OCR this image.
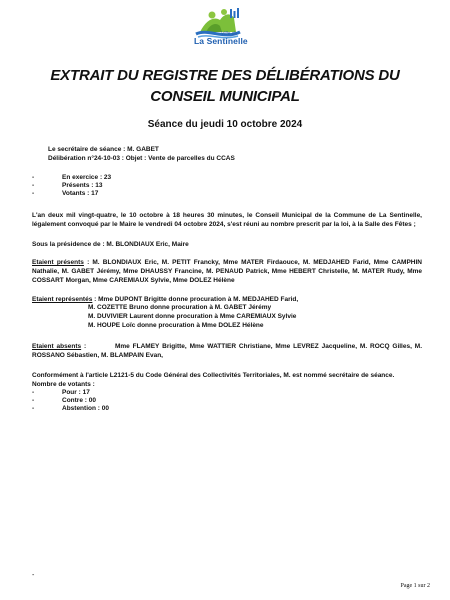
Ville de
La Sentinelle
EXTRAIT DU REGISTRE DES DÉLIBÉRATIONS DU CONSEIL MUNICIPAL
Séance du jeudi 10 octobre 2024
Le secrétaire de séance : M. GABET
Délibération n°24-10-03 : Objet : Vente de parcelles du CCAS
-	En exercice : 23
-	Présents : 13
-	Votants : 17
L'an deux mil vingt-quatre, le 10 octobre à 18 heures 30 minutes, le Conseil Municipal de la Commune de La Sentinelle, légalement convoqué par le Maire le vendredi 04 octobre 2024, s'est réuni au nombre prescrit par la loi, à la Salle des Fêtes ;
Sous la présidence de : M. BLONDIAUX Eric, Maire
Etaient présents : M. BLONDIAUX Eric, M. PETIT Francky, Mme MATER Firdaouce, M. MEDJAHED Farid, Mme CAMPHIN Nathalie, M. GABET Jérémy, Mme DHAUSSY Francine, M. PENAUD Patrick, Mme HEBERT Christelle, M. MATER Rudy, Mme COSSART Morgan, Mme CAREMIAUX Sylvie, Mme DOLEZ Hélène
Etaient représentés : Mme DUPONT Brigitte donne procuration à M. MEDJAHED Farid,
M. COZETTE Bruno donne procuration à M. GABET Jérémy
M. DUVIVIER Laurent donne procuration à Mme CAREMIAUX Sylvie
M. HOUPE Loïc donne procuration à Mme DOLEZ Hélène
Etaient absents :          Mme FLAMEY Brigitte, Mme WATTIER Christiane, Mme LEVREZ Jacqueline, M. ROCQ Gilles, M. ROSSANO Sébastien, M. BLAMPAIN Evan,
Conformément à l'article L2121-5 du Code Général des Collectivités Territoriales, M. est nommé secrétaire de séance.
Nombre de votants :
-	Pour : 17
-	Contre : 00
-	Abstention : 00
-
Page 1 sur 2
